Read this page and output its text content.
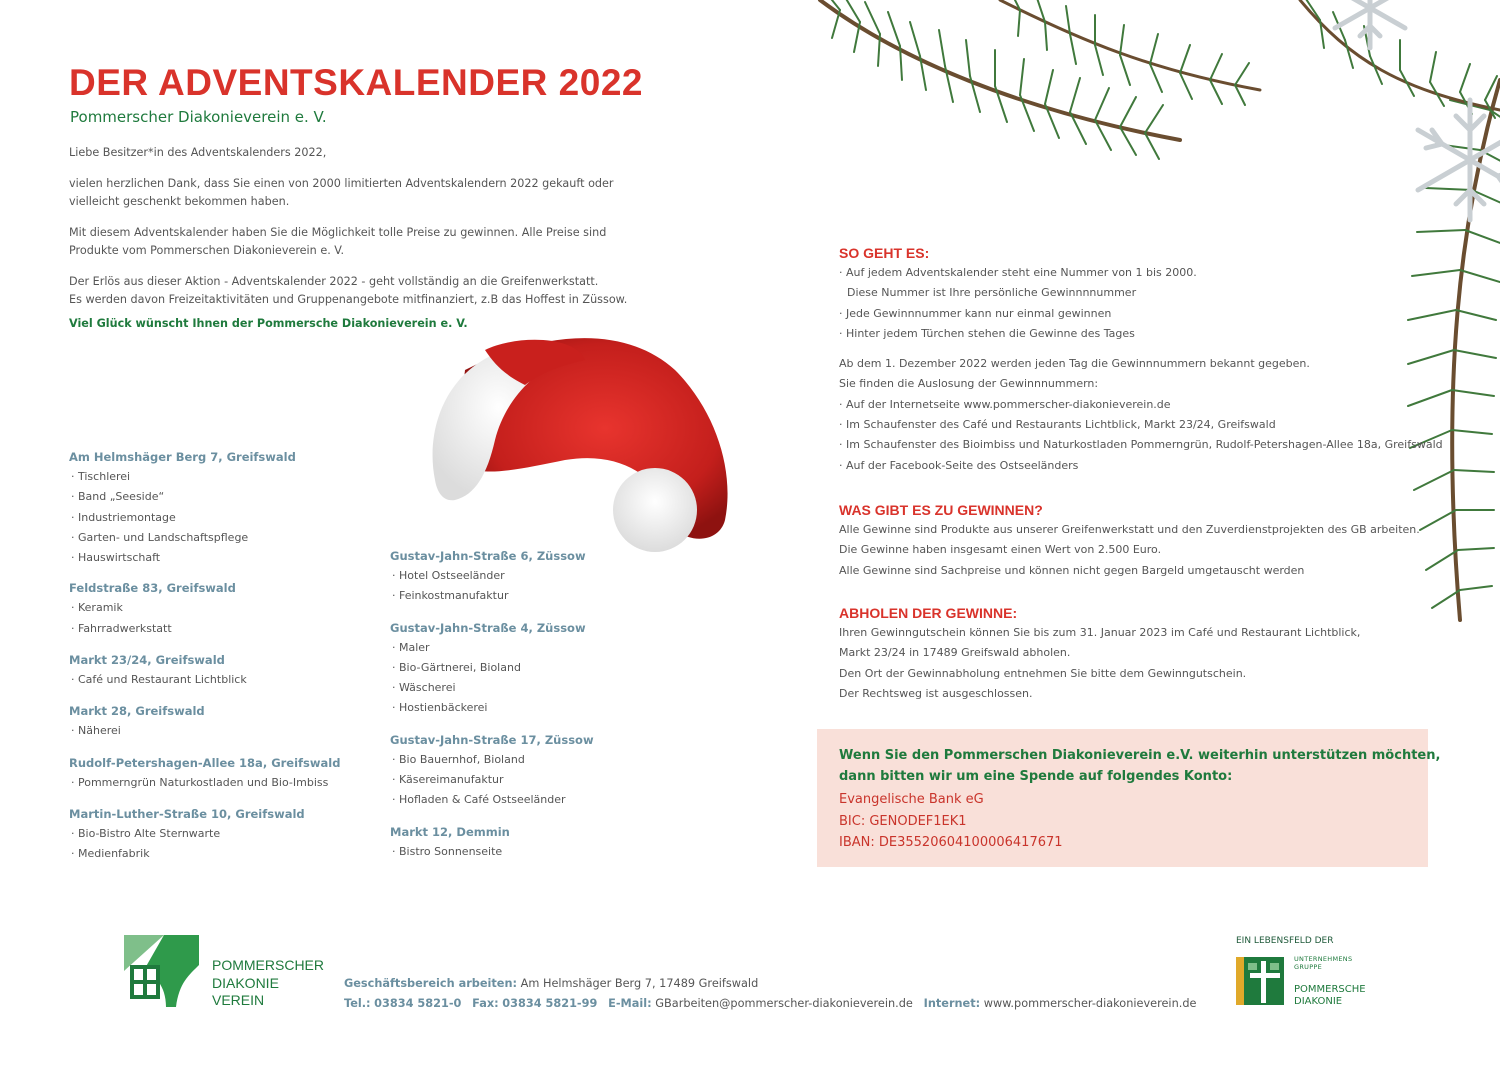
DER ADVENTSKALENDER 2022
Pommerscher Diakonieverein e. V.

Liebe Besitzer*in des Adventskalenders 2022,

vielen herzlichen Dank, dass Sie einen von 2000 limitierten Adventskalendern 2022 gekauft oder vielleicht geschenkt bekommen haben.

Mit diesem Adventskalender haben Sie die Möglichkeit tolle Preise zu gewinnen. Alle Preise sind Produkte vom Pommerschen Diakonieverein e. V.

Der Erlös aus dieser Aktion - Adventskalender 2022 - geht vollständig an die Greifenwerkstatt.
Es werden davon Freizeitaktivitäten und Gruppenangebote mitfinanziert, z.B das Hoffest in Züssow.

Viel Glück wünscht Ihnen der Pommersche Diakonieverein e. V.

Am Helmshäger Berg 7, Greifswald
· Tischlerei
· Band „Seeside“
· Industriemontage
· Garten- und Landschaftspflege
· Hauswirtschaft
Feldstraße 83, Greifswald
· Keramik
· Fahrradwerkstatt
Markt 23/24, Greifswald
· Café und Restaurant Lichtblick
Markt 28, Greifswald
· Näherei
Rudolf-Petershagen-Allee 18a, Greifswald
· Pommerngrün Naturkostladen und Bio-Imbiss
Martin-Luther-Straße 10, Greifswald
· Bio-Bistro Alte Sternwarte
· Medienfabrik
Gustav-Jahn-Straße 6, Züssow
· Hotel Ostseeländer
· Feinkostmanufaktur
Gustav-Jahn-Straße 4, Züssow
· Maler
· Bio-Gärtnerei, Bioland
· Wäscherei
· Hostienbäckerei
Gustav-Jahn-Straße 17, Züssow
· Bio Bauernhof, Bioland
· Käsereimanufaktur
· Hofladen & Café Ostseeländer
Markt 12, Demmin
· Bistro Sonnenseite
SO GEHT ES:
· Auf jedem Adventskalender steht eine Nummer von 1 bis 2000.
Diese Nummer ist Ihre persönliche Gewinnnnummer
· Jede Gewinnnummer kann nur einmal gewinnen
· Hinter jedem Türchen stehen die Gewinne des Tages
Ab dem 1. Dezember 2022 werden jeden Tag die Gewinnnummern bekannt gegeben.
Sie finden die Auslosung der Gewinnnummern:
· Auf der Internetseite www.pommerscher-diakonieverein.de
· Im Schaufenster des Café und Restaurants Lichtblick, Markt 23/24, Greifswald
· Im Schaufenster des Bioimbiss und Naturkostladen Pommerngrün, Rudolf-Petershagen-Allee 18a, Greifswald
· Auf der Facebook-Seite des Ostseeländers
WAS GIBT ES ZU GEWINNEN?
Alle Gewinne sind Produkte aus unserer Greifenwerkstatt und den Zuverdienstprojekten des GB arbeiten.
Die Gewinne haben insgesamt einen Wert von 2.500 Euro.
Alle Gewinne sind Sachpreise und können nicht gegen Bargeld umgetauscht werden
ABHOLEN DER GEWINNE:
Ihren Gewinngutschein können Sie bis zum 31. Januar 2023 im Café und Restaurant Lichtblick,
Markt 23/24 in 17489 Greifswald abholen.
Den Ort der Gewinnabholung entnehmen Sie bitte dem Gewinngutschein.
Der Rechtsweg ist ausgeschlossen.
Wenn Sie den Pommerschen Diakonieverein e.V. weiterhin unterstützen möchten,
dann bitten wir um eine Spende auf folgendes Konto:
Evangelische Bank eG
BIC: GENODEF1EK1
IBAN: DE35520604100006417671
POMMERSCHER
DIAKONIE
VEREIN
Geschäftsbereich arbeiten: Am Helmshäger Berg 7, 17489 Greifswald
Tel.: 03834 5821-0 Fax: 03834 5821-99 E-Mail: GBarbeiten@pommerscher-diakonieverein.de Internet: www.pommerscher-diakonieverein.de
EIN LEBENSFELD DER
UNTERNEHMENS
GRUPPE
POMMERSCHE
DIAKONIE
